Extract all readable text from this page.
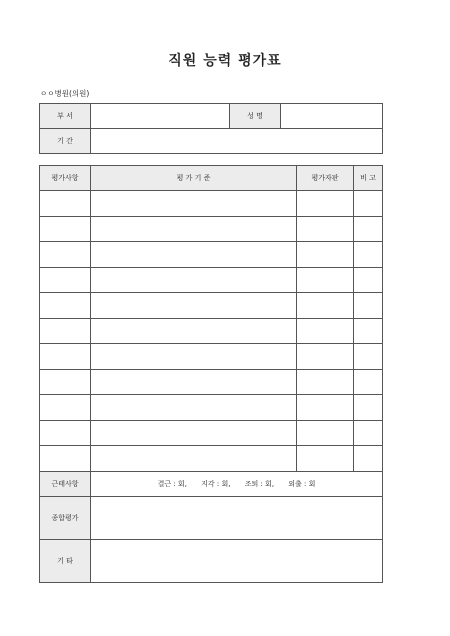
직원 능력 평가표
ㅇㅇ병원(의원)
부 서		성 명	
기 간			
평가사항	평 가 기 준	평가자판	비 고

근태사항	결근 : 회, 지각 : 회, 조퇴 : 회, 외출 : 회		
종합평가			
기 타			
